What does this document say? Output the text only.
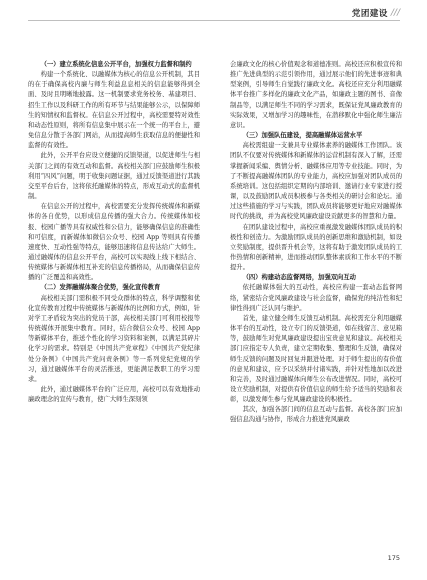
党团建设 ///
（一）建立系统化信息公开平台，加强权力监督和制约

构建一个系统化、以融媒体为核心的信息公开机制，其目的在于确保高校内廉与师生利益息息相关的信息能够得到全面、及时且明晰地披露。这一机制要求党务校务、基建项目、招生工作以及科研工作的所有环节与结果能够公示，以保障师生的知情权和监督权。在信息公开过程中，高校需要特对效性和动态性原则，将所有信息集中展示在一个统一的平台上，避免信息分散于各部门网站，从而提高师生获取信息的便捷性和监督的有效性。

此外，公开平台应设立便捷的反馈渠道，以促进师生与相关部门之间的有效互动和监督。高校相关部门应鼓励师生积极利用“四风”问题，明于收集问题证据，通过反馈渠道进行其践交至平台后台，这将依托融媒体的特点，形成互动式的监督机制。

在信息公开的过程中，高校需要充分发挥传统媒体和新媒体的各自优势，以形成信息传播的强大合力。传统媒体如校报、校园广播等具有权威性和公信力，能够确保信息的准确性和可信度，而新媒体如微信公众号、校园 App 等则具有传播速度快、互动性强等特点，能够迅速将信息传达给广大师生。通过融媒体的信息公开平台，高校可以实现线上线下相结合、传统媒体与新媒体相互补充的信息传播格局，从而确保信息传播的广泛覆盖和高效性。

（二）发挥融媒体聚合优势，强化宣传教育

高校相关部门需积极不同受众群体的特点，科学调整和优化宣传教育过程中传统媒体与新媒体的比例和方式，例如，针对学工矛盾较为突出的党员干部，高校相关部门可利用校报等传统媒体开展集中教育。同时，结合微信公众号、校园 App 等新媒体平台，推送个性化的学习资料和案例，以满足其碎片化学习的需求。特别是《中国共产党章程》《中国共产党纪律处分条例》《中国共产党问责条例》等一系列党纪党规的学习，通过融媒体平台的灵活推送，更能满足教职工的学习需求。

此外，通过融媒体平台的广泛应用，高校可以有效地推动廉政理念的宣传与教育，使广大师生深刻领

会廉政文化的核心价值观念和道德准则。高校还应积极宣传和推广先进典型的示范引领作用，通过展示他们的先进事迹和典型案例，引导师生自觉践行廉政文化。高校还应充分利用融媒体平台推广多样化的廉政文化产品，如廉政主题的图书、音像制品等，以满足师生不同的学习需求，既保证党风廉政教育的实际效果，又增加学习的趣味性，在潜移默化中强化师生廉洁意识。

（三）加强队伍建设，提高融媒体运营水平

高校需组建一支兼具专业媒体素养的融媒体工作团队。该团队不仅要对传统媒体和新媒体的运营机制有深入了解，还需掌握新闻采编、舆情分析、融媒体应用等专业技能。同时，为了不断提高融媒体团队的专业能力，高校应加强对团队成员的系统培训。这包括组织定期的内部培训、邀请行业专家进行授课，以及鼓励团队成员积极参与各类相关的研讨会和论坛。通过这些措施的学习与实践，团队成员将能够更好地应对融媒体时代的挑战，并为高校党风廉政建设贡献更多的智慧和力量。

在团队建设过程中，高校应重视激发融媒体团队成员的积极性和创造力。为激励团队成员的创新思维和激励机制，如设立奖励制度，提供晋升机会等，这将有助于激发团队成员的工作热情和创新精神，进而推动团队整体素质和工作水平的不断提升。

（四）构建动态监督网络，加强双向互动

依托融媒体强大的互动性，高校应构建一套动态监督网络，紧密结合党风廉政建设与社会监督，确保党的纯洁性和纪律性得到广泛认同与维护。

首先，建立健全师生反馈互动机制。高校需充分利用融媒体平台的互动性，设立专门的反馈渠道，如在线留言、意见箱等，鼓励师生对党风廉政建设提出宝贵意见和建议。高校相关部门应指定专人负责，建立定期收集、整理和生反馈，确保对师生反馈的问题及时回复并跟进处理。对于师生提出的有价值的意见和建议，应予以采纳并付诸实践，并针对性地加以改进和完善，及时通过融媒体向师生公布改进情况。同时，高校可设立奖励机制，对提供有价值信息的师生给予适当的奖励和表彰，以激发师生参与党风廉政建设的积极性。

其次，加强各部门间的信息互动与监督。高校各部门应加强信息沟通与协作，形成合力推进党风廉政

175
